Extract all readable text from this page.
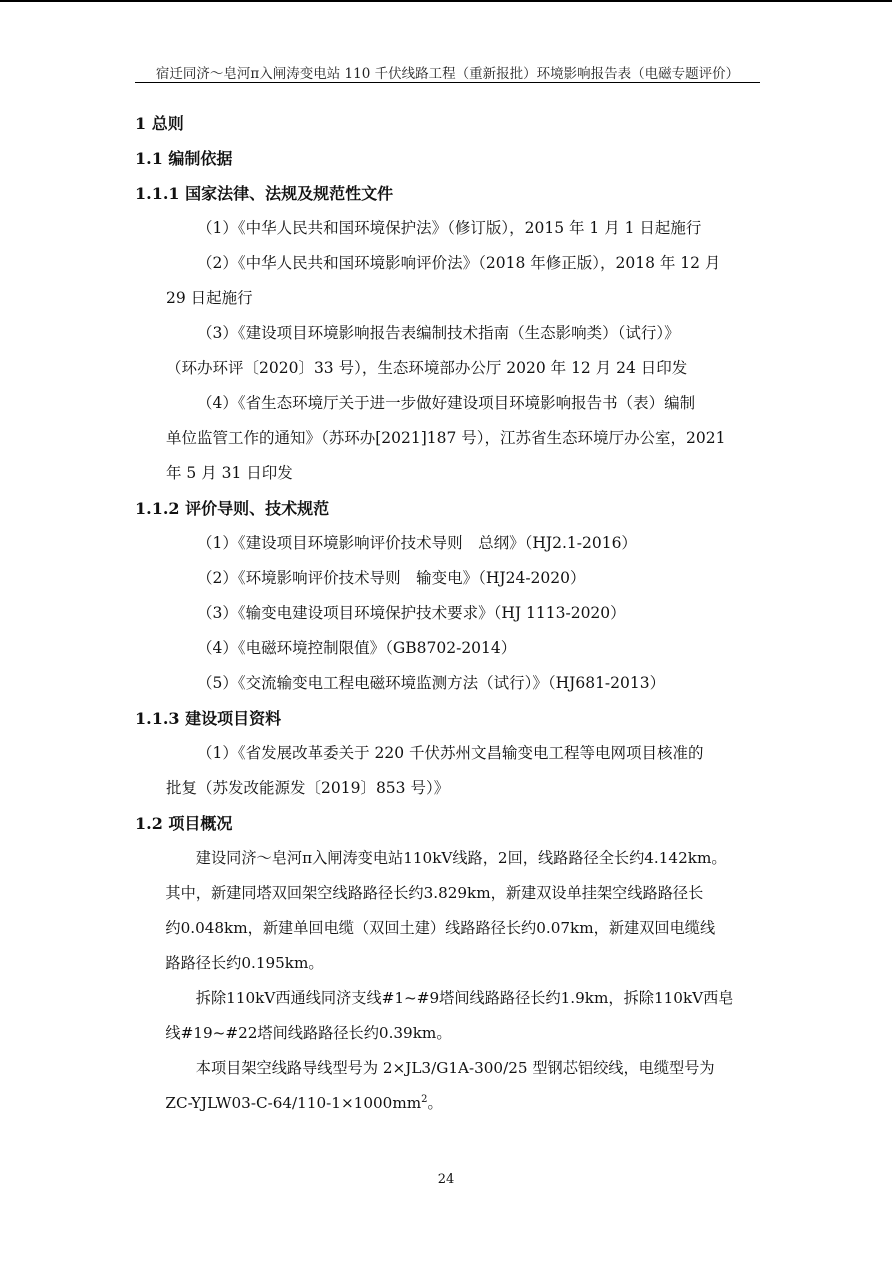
宿迁同济～皂河π入闸涛变电站 110 千伏线路工程（重新报批）环境影响报告表（电磁专题评价）
1 总则
1.1 编制依据
1.1.1 国家法律、法规及规范性文件
（1）《中华人民共和国环境保护法》（修订版），2015 年 1 月 1 日起施行
（2）《中华人民共和国环境影响评价法》（2018 年修正版），2018 年 12 月
29 日起施行
（3）《建设项目环境影响报告表编制技术指南（生态影响类）（试行）》
（环办环评〔2020〕33 号），生态环境部办公厅 2020 年 12 月 24 日印发
（4）《省生态环境厅关于进一步做好建设项目环境影响报告书（表）编制
单位监管工作的通知》（苏环办[2021]187 号），江苏省生态环境厅办公室，2021
年 5 月 31 日印发
1.1.2 评价导则、技术规范
（1）《建设项目环境影响评价技术导则　总纲》（HJ2.1-2016）
（2）《环境影响评价技术导则　输变电》（HJ24-2020）
（3）《输变电建设项目环境保护技术要求》（HJ 1113-2020）
（4）《电磁环境控制限值》（GB8702-2014）
（5）《交流输变电工程电磁环境监测方法（试行）》（HJ681-2013）
1.1.3 建设项目资料
（1）《省发展改革委关于 220 千伏苏州文昌输变电工程等电网项目核准的
批复（苏发改能源发〔2019〕853 号）》
1.2 项目概况
建设同济～皂河π入闸涛变电站110kV线路，2回，线路路径全长约4.142km。
其中，新建同塔双回架空线路路径长约3.829km，新建双设单挂架空线路路径长
约0.048km，新建单回电缆（双回土建）线路路径长约0.07km，新建双回电缆线
路路径长约0.195km。
拆除110kV西通线同济支线#1~#9塔间线路路径长约1.9km，拆除110kV西皂
线#19~#22塔间线路路径长约0.39km。
本项目架空线路导线型号为 2×JL3/G1A-300/25 型钢芯铝绞线，电缆型号为
$ZC-YJLW03-C-64/110-1\times 1000mm^2$。
24
